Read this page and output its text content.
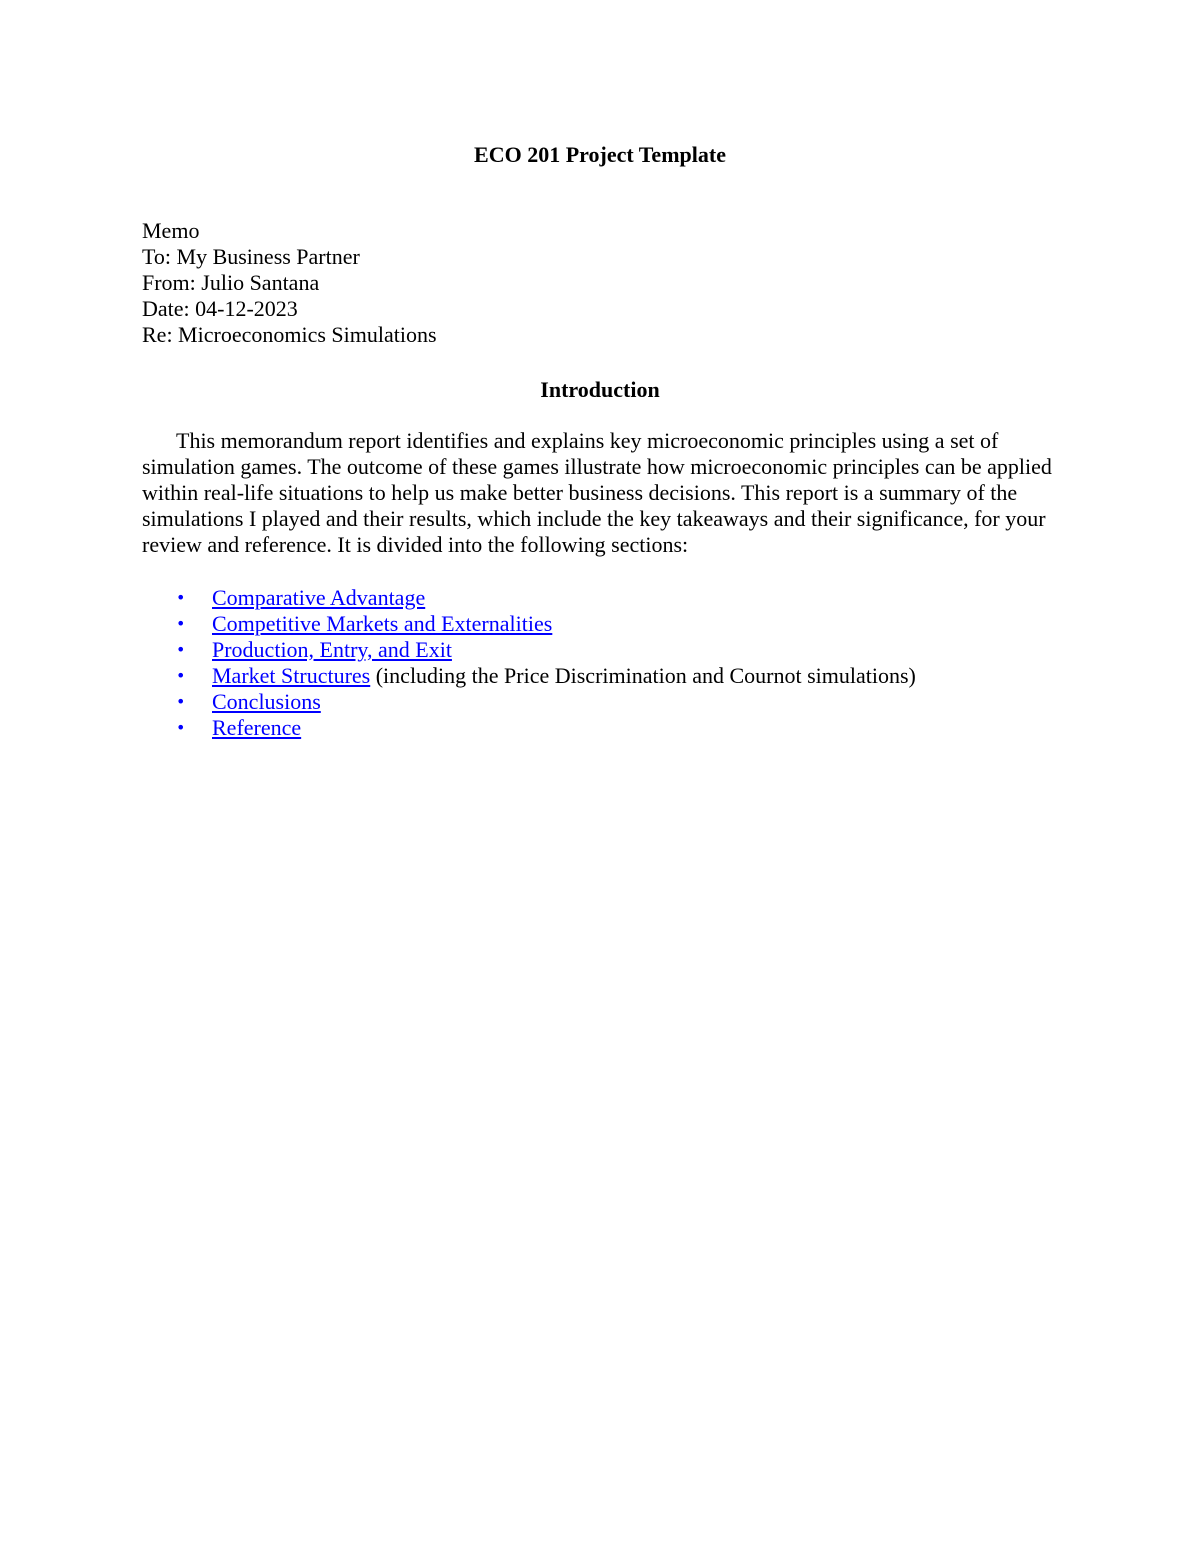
ECO 201 Project Template
Memo
To: My Business Partner
From: Julio Santana
Date: 04-12-2023
Re: Microeconomics Simulations
Introduction

This memorandum report identifies and explains key microeconomic principles using a set of simulation games. The outcome of these games illustrate how microeconomic principles can be applied within real-life situations to help us make better business decisions. This report is a summary of the simulations I played and their results, which include the key takeaways and their significance, for your review and reference. It is divided into the following sections:

• Comparative Advantage
• Competitive Markets and Externalities
• Production, Entry, and Exit
• Market Structures (including the Price Discrimination and Cournot simulations)
• Conclusions
• Reference
